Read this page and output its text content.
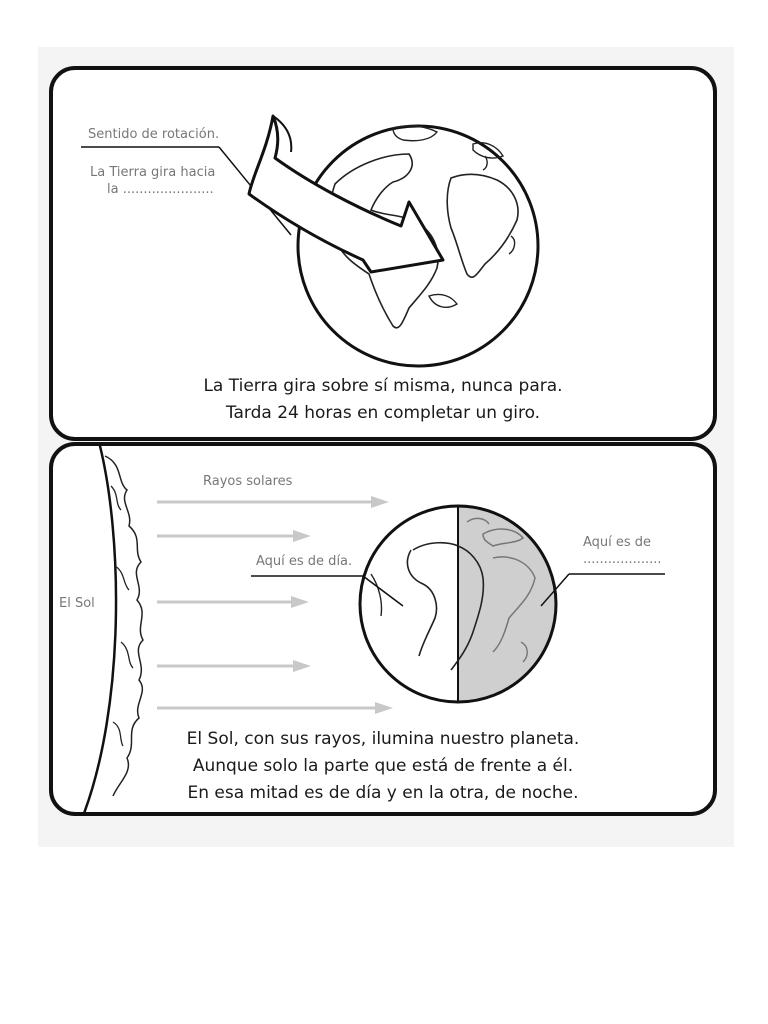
Sentido de rotación.
La Tierra gira hacia
la ......................
La Tierra gira sobre sí misma, nunca para.
Tarda 24 horas en completar un giro.
El Sol
Rayos solares
Aquí es de día.
Aquí es de
...................
El Sol, con sus rayos, ilumina nuestro planeta.
Aunque solo la parte que está de frente a él.
En esa mitad es de día y en la otra, de noche.
